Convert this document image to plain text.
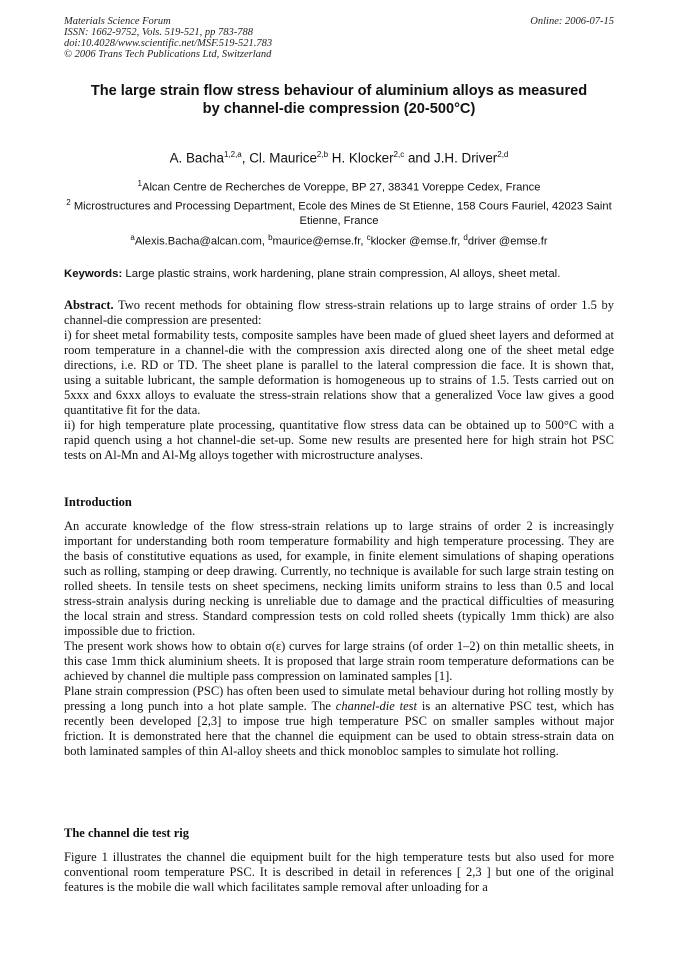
Materials Science Forum
ISSN: 1662-9752, Vols. 519-521, pp 783-788
doi:10.4028/www.scientific.net/MSF.519-521.783
© 2006 Trans Tech Publications Ltd, Switzerland
Online: 2006-07-15
The large strain flow stress behaviour of aluminium alloys as measured
by channel-die compression (20-500°C)
A. Bacha$^{1,2,a}$, Cl. Maurice$^{2,b}$ H. Klocker$^{2,c}$ and J.H. Driver$^{2,d}$
$^1$Alcan Centre de Recherches de Voreppe, BP 27, 38341 Voreppe Cedex, France
$^2$ Microstructures and Processing Department, Ecole des Mines de St Etienne, 158 Cours Fauriel, 42023 Saint Etienne, France
$^a$Alexis.Bacha@alcan.com, $^b$maurice@emse.fr, $^c$klocker @emse.fr, $^d$driver @emse.fr
Keywords: Large plastic strains, work hardening, plane strain compression, Al alloys, sheet metal.

Abstract. Two recent methods for obtaining flow stress-strain relations up to large strains of order 1.5 by channel-die compression are presented:

i) for sheet metal formability tests, composite samples have been made of glued sheet layers and deformed at room temperature in a channel-die with the compression axis directed along one of the sheet metal edge directions, i.e. RD or TD. The sheet plane is parallel to the lateral compression die face. It is shown that, using a suitable lubricant, the sample deformation is homogeneous up to strains of 1.5. Tests carried out on 5xxx and 6xxx alloys to evaluate the stress-strain relations show that a generalized Voce law gives a good quantitative fit for the data.

ii) for high temperature plate processing, quantitative flow stress data can be obtained up to 500°C with a rapid quench using a hot channel-die set-up. Some new results are presented here for high strain hot PSC tests on Al-Mn and Al-Mg alloys together with microstructure analyses.

Introduction

An accurate knowledge of the flow stress-strain relations up to large strains of order 2 is increasingly important for understanding both room temperature formability and high temperature processing. They are the basis of constitutive equations as used, for example, in finite element simulations of shaping operations such as rolling, stamping or deep drawing. Currently, no technique is available for such large strain testing on rolled sheets. In tensile tests on sheet specimens, necking limits uniform strains to less than 0.5 and local stress-strain analysis during necking is unreliable due to damage and the practical difficulties of measuring the local strain and stress. Standard compression tests on cold rolled sheets (typically 1mm thick) are also impossible due to friction.

The present work shows how to obtain σ(ε) curves for large strains (of order 1–2) on thin metallic sheets, in this case 1mm thick aluminium sheets. It is proposed that large strain room temperature deformations can be achieved by channel die multiple pass compression on laminated samples [1].

Plane strain compression (PSC) has often been used to simulate metal behaviour during hot rolling mostly by pressing a long punch into a hot plate sample. The channel-die test is an alternative PSC test, which has recently been developed [2,3] to impose true high temperature PSC on smaller samples without major friction. It is demonstrated here that the channel die equipment can be used to obtain stress-strain data on both laminated samples of thin Al-alloy sheets and thick monobloc samples to simulate hot rolling.

The channel die test rig

Figure 1 illustrates the channel die equipment built for the high temperature tests but also used for more conventional room temperature PSC. It is described in detail in references [ 2,3 ] but one of the original features is the mobile die wall which facilitates sample removal after unloading for a
